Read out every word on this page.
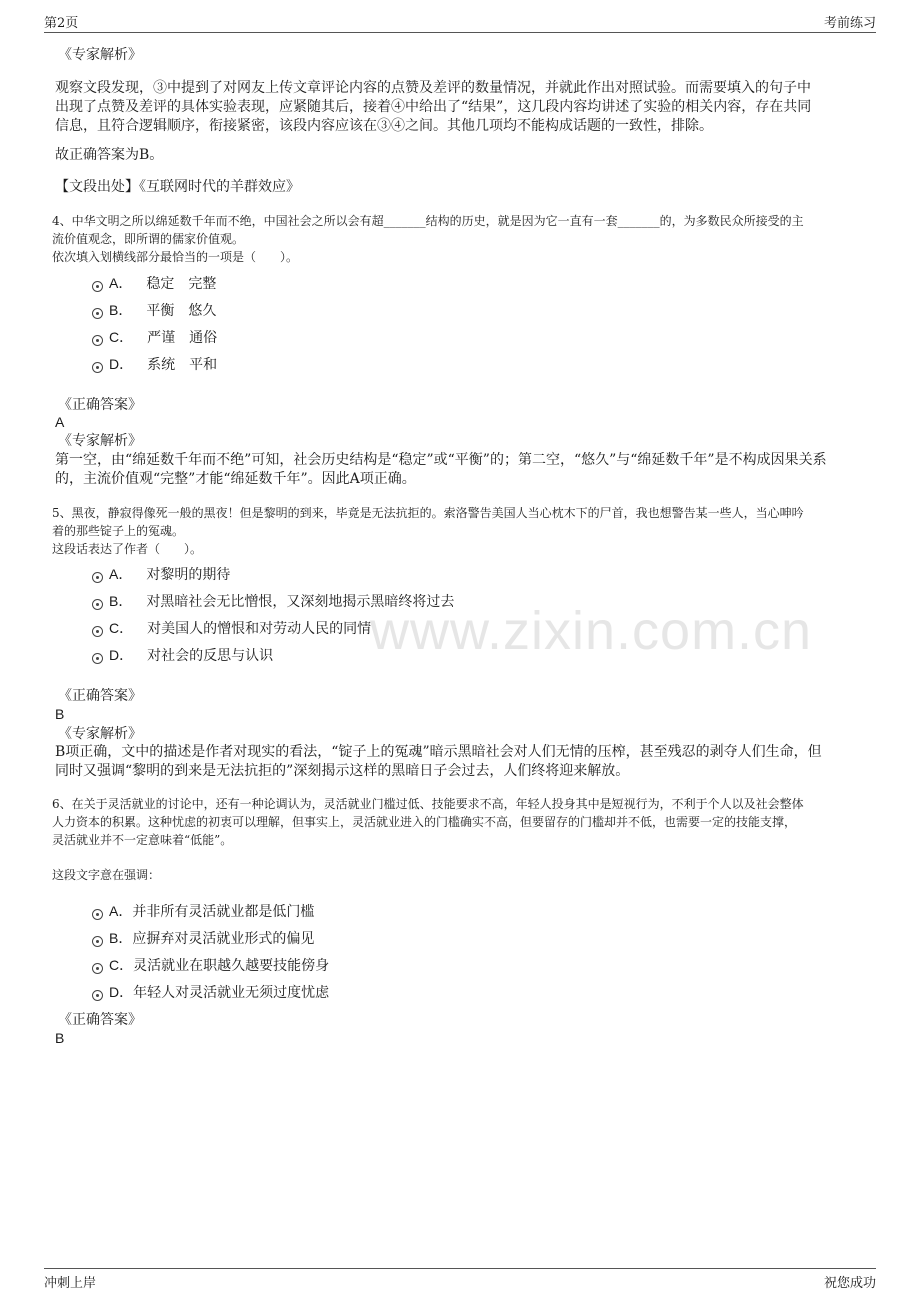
第2页	考前练习
www.zixin.com.cn
《专家解析》
观察文段发现，③中提到了对网友上传文章评论内容的点赞及差评的数量情况，并就此作出对照试验。而需要填入的句子中
出现了点赞及差评的具体实验表现，应紧随其后，接着④中给出了“结果”，这几段内容均讲述了实验的相关内容，存在共同
信息，且符合逻辑顺序，衔接紧密，该段内容应该在③④之间。其他几项均不能构成话题的一致性，排除。
故正确答案为B。
【文段出处】《互联网时代的羊群效应》
4、中华文明之所以绵延数千年而不绝，中国社会之所以会有超_______结构的历史，就是因为它一直有一套_______的，为多数民众所接受的主
流价值观念，即所谓的儒家价值观。
依次填入划横线部分最恰当的一项是（　　）。
A． 稳定　完整
B． 平衡　悠久
C． 严谨　通俗
D． 系统　平和
《正确答案》
A
《专家解析》
第一空，由“绵延数千年而不绝”可知，社会历史结构是“稳定”或“平衡”的；第二空，“悠久”与“绵延数千年”是不构成因果关系
的，主流价值观“完整”才能“绵延数千年”。因此A项正确。
5、黑夜，静寂得像死一般的黑夜！但是黎明的到来，毕竟是无法抗拒的。索洛警告美国人当心枕木下的尸首，我也想警告某一些人，当心呻吟
着的那些锭子上的冤魂。
这段话表达了作者（　　）。
A． 对黎明的期待
B． 对黑暗社会无比憎恨，又深刻地揭示黑暗终将过去
C． 对美国人的憎恨和对劳动人民的同情
D． 对社会的反思与认识
《正确答案》
B
《专家解析》
B项正确，文中的描述是作者对现实的看法，“锭子上的冤魂”暗示黑暗社会对人们无情的压榨，甚至残忍的剥夺人们生命，但
同时又强调“黎明的到来是无法抗拒的”深刻揭示这样的黑暗日子会过去，人们终将迎来解放。
6、在关于灵活就业的讨论中，还有一种论调认为，灵活就业门槛过低、技能要求不高，年轻人投身其中是短视行为，不利于个人以及社会整体
人力资本的积累。这种忧虑的初衷可以理解，但事实上，灵活就业进入的门槛确实不高，但要留存的门槛却并不低，也需要一定的技能支撑，
灵活就业并不一定意味着“低能”。
这段文字意在强调：
A．并非所有灵活就业都是低门槛
B．应摒弃对灵活就业形式的偏见
C．灵活就业在职越久越要技能傍身
D．年轻人对灵活就业无须过度忧虑
《正确答案》
B
冲刺上岸	祝您成功
